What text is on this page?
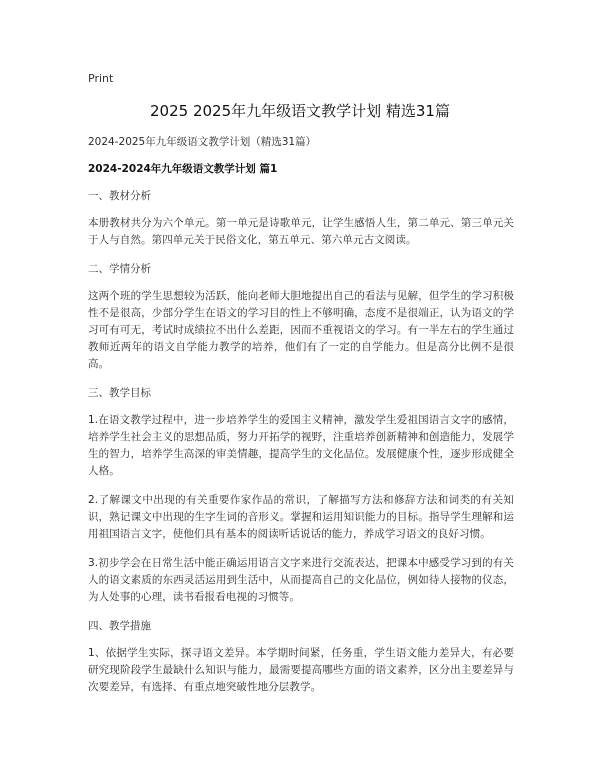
Print
2025 2025年九年级语文教学计划 精选31篇

2024-2025年九年级语文教学计划（精选31篇）

2024-2024年九年级语文教学计划 篇1

一、教材分析

本册教材共分为六个单元。第一单元是诗歌单元，让学生感悟人生，第二单元、第三单元关于人与自然。第四单元关于民俗文化，第五单元、第六单元古文阅读。

二、学情分析

这两个班的学生思想较为活跃，能向老师大胆地提出自己的看法与见解，但学生的学习积极性不是很高，少部分学生在语文的学习目的性上不够明确，态度不是很端正，认为语文的学习可有可无，考试时成绩拉不出什么差距，因而不重视语文的学习。有一半左右的学生通过教师近两年的语文自学能力教学的培养，他们有了一定的自学能力。但是高分比例不是很高。

三、教学目标

1.在语文教学过程中，进一步培养学生的爱国主义精神，激发学生爱祖国语言文字的感情，培养学生社会主义的思想品质，努力开拓学的视野，注重培养创新精神和创造能力，发展学生的智力，培养学生高深的审美情趣，提高学生的文化品位。发展健康个性，逐步形成健全人格。

2.了解课文中出现的有关重要作家作品的常识，了解描写方法和修辞方法和词类的有关知识，熟记课文中出现的生字生词的音形义。掌握和运用知识能力的目标。指导学生理解和运用祖国语言文字，使他们具有基本的阅读听话说话的能力，养成学习语文的良好习惯。

3.初步学会在日常生活中能正确运用语言文字来进行交流表达，把课本中感受学习到的有关人的语文素质的东西灵活运用到生活中，从而提高自己的文化品位，例如待人接物的仪态，为人处事的心理，读书看报看电视的习惯等。

四、教学措施

1、依据学生实际，探寻语文差异。本学期时间紧，任务重，学生语文能力差异大，有必要研究现阶段学生最缺什么知识与能力，最需要提高哪些方面的语文素养，区分出主要差异与次要差异，有选择、有重点地突破性地分层教学。
